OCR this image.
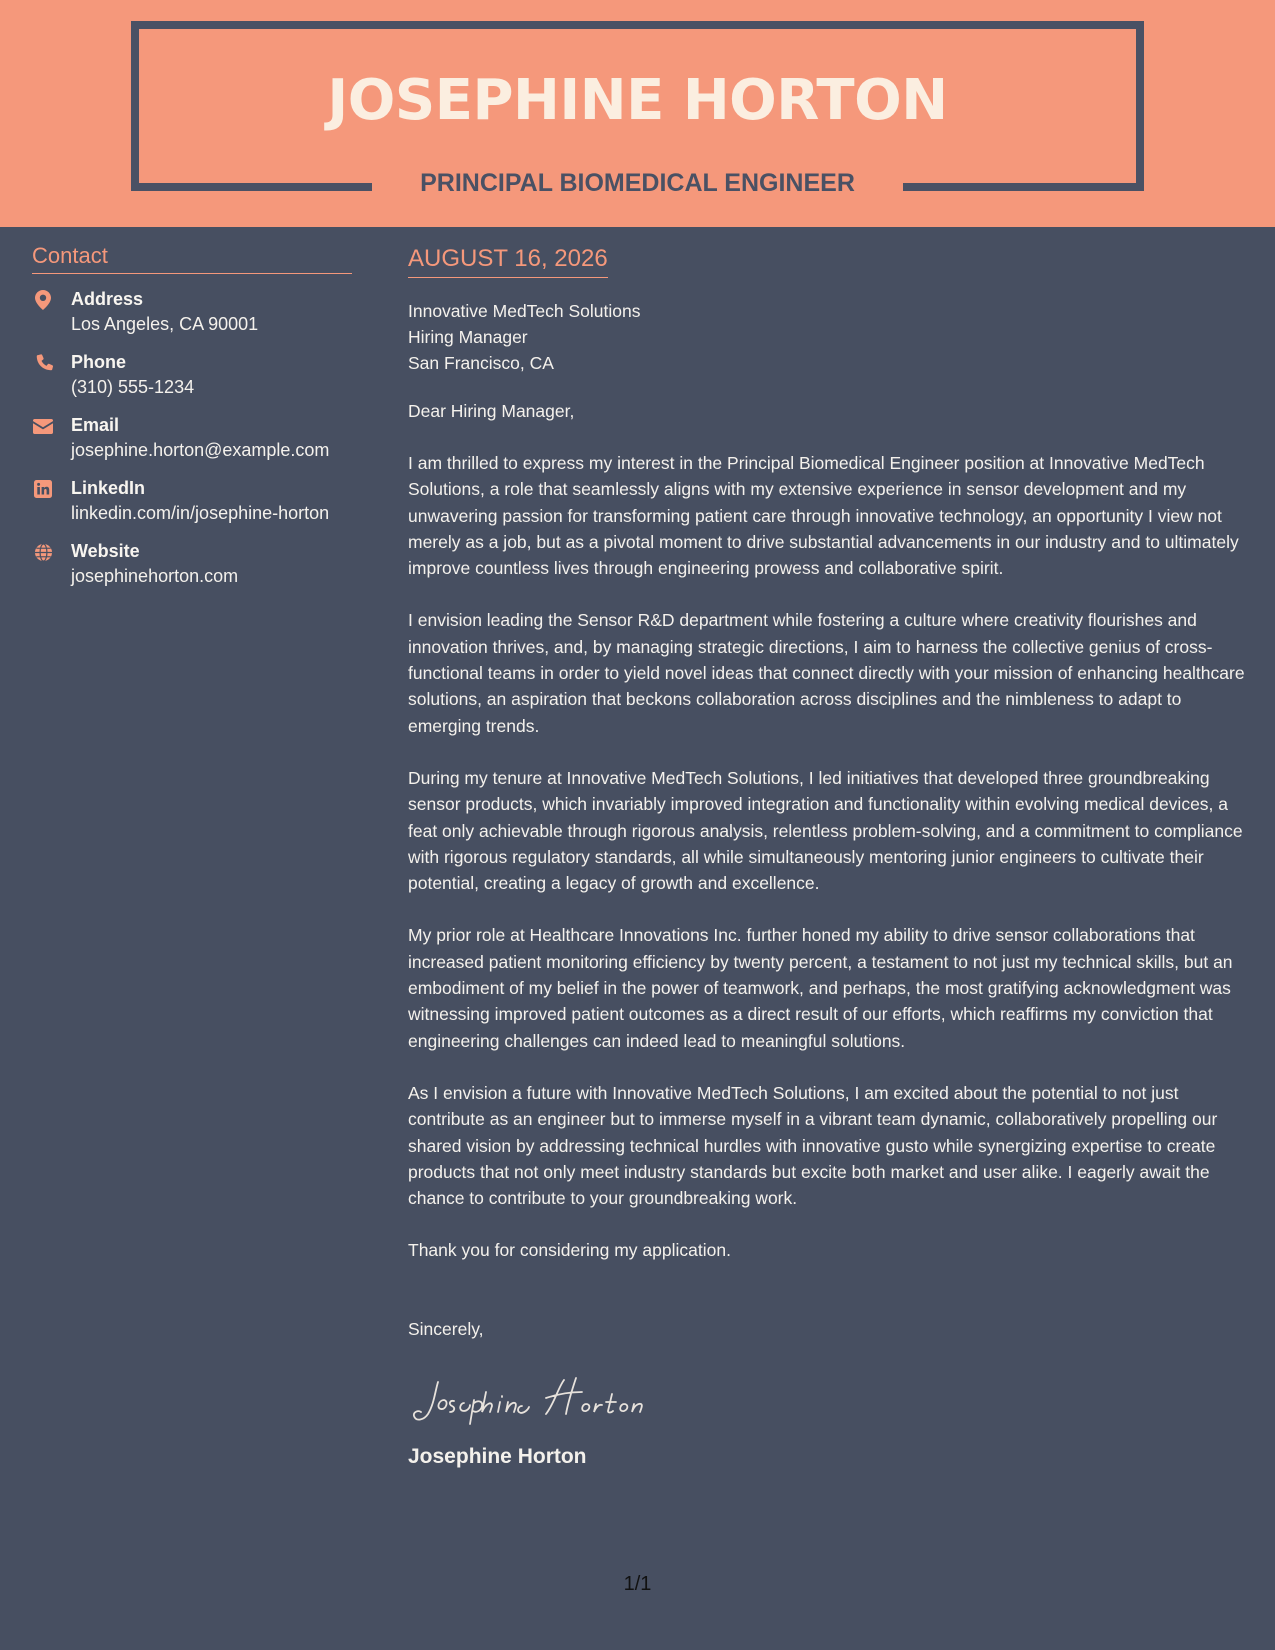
JOSEPHINE HORTON
PRINCIPAL BIOMEDICAL ENGINEER
Contact
Address
Los Angeles, CA 90001
Phone
(310) 555-1234
Email
josephine.horton@example.com
LinkedIn
linkedin.com/in/josephine-horton
Website
josephinehorton.com
AUGUST 16, 2026
Innovative MedTech Solutions
Hiring Manager
San Francisco, CA
Dear Hiring Manager,

I am thrilled to express my interest in the Principal Biomedical Engineer position at Innovative MedTech Solutions, a role that seamlessly aligns with my extensive experience in sensor development and my unwavering passion for transforming patient care through innovative technology, an opportunity I view not merely as a job, but as a pivotal moment to drive substantial advancements in our industry and to ultimately improve countless lives through engineering prowess and collaborative spirit.

I envision leading the Sensor R&D department while fostering a culture where creativity flourishes and innovation thrives, and, by managing strategic directions, I aim to harness the collective genius of cross-functional teams in order to yield novel ideas that connect directly with your mission of enhancing healthcare solutions, an aspiration that beckons collaboration across disciplines and the nimbleness to adapt to emerging trends.

During my tenure at Innovative MedTech Solutions, I led initiatives that developed three groundbreaking sensor products, which invariably improved integration and functionality within evolving medical devices, a feat only achievable through rigorous analysis, relentless problem-solving, and a commitment to compliance with rigorous regulatory standards, all while simultaneously mentoring junior engineers to cultivate their potential, creating a legacy of growth and excellence.

My prior role at Healthcare Innovations Inc. further honed my ability to drive sensor collaborations that increased patient monitoring efficiency by twenty percent, a testament to not just my technical skills, but an embodiment of my belief in the power of teamwork, and perhaps, the most gratifying acknowledgment was witnessing improved patient outcomes as a direct result of our efforts, which reaffirms my conviction that engineering challenges can indeed lead to meaningful solutions.

As I envision a future with Innovative MedTech Solutions, I am excited about the potential to not just contribute as an engineer but to immerse myself in a vibrant team dynamic, collaboratively propelling our shared vision by addressing technical hurdles with innovative gusto while synergizing expertise to create products that not only meet industry standards but excite both market and user alike. I eagerly await the chance to contribute to your groundbreaking work.

Thank you for considering my application.

Sincerely,
Josephine Horton
1/1
